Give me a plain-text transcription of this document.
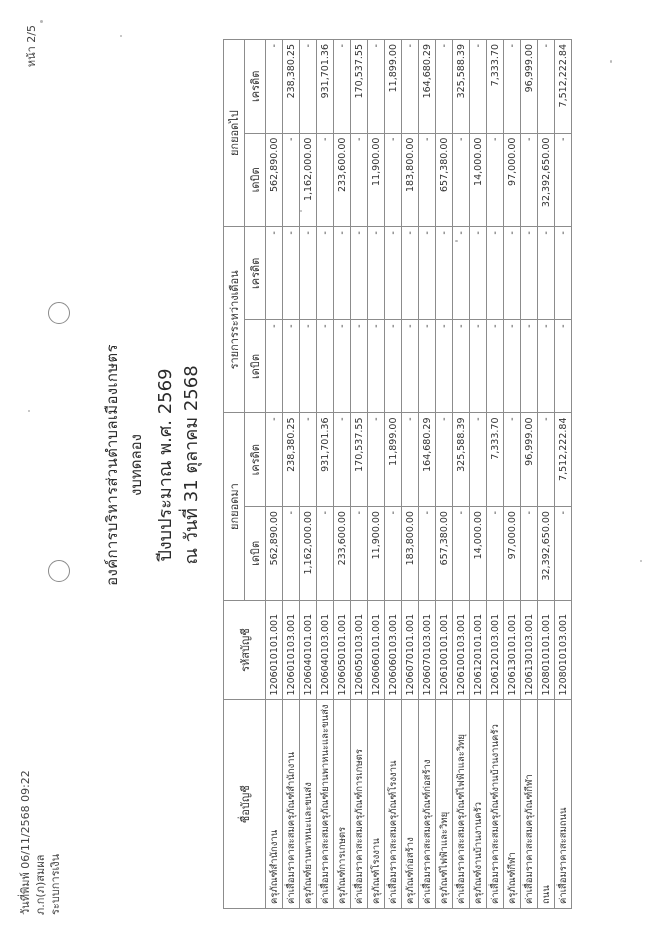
วันที่พิมพ์ 06/11/2568 09:22 ภ.ก(ภ)สมผล ระบบการเงิน
หน้า 2/5
องค์การบริหารส่วนตำบลเมืองเกษตร งบทดลอง ปีงบประมาณ พ.ศ. 2569 ณ วันที่ 31 ตุลาคม 2568
ชื่อบัญชี	รหัสบัญชี	ยกยอดมา		รายการระหว่างเดือน		ยกยอดไป	
		เดบิต	เครดิต	เดบิต	เครดิต	เดบิต	เครดิต
ครุภัณฑ์สำนักงาน	1206010101.001	562,890.00	-	-	-	562,890.00	-
ค่าเสื่อมราคาสะสมครุภัณฑ์สำนักงาน	1206010103.001	-	238,380.25	-	-	-	238,380.25
ครุภัณฑ์ยานพาหนะและขนส่ง	1206040101.001	1,162,000.00	-	-	-	1,162,000.00	-
ค่าเสื่อมราคาสะสมครุภัณฑ์ยานพาหนะและขนส่ง	1206040103.001	-	931,701.36	-	-	-	931,701.36
ครุภัณฑ์การเกษตร	1206050101.001	233,600.00	-	-	-	233,600.00	-
ค่าเสื่อมราคาสะสมครุภัณฑ์การเกษตร	1206050103.001	-	170,537.55	-	-	-	170,537.55
ครุภัณฑ์โรงงาน	1206060101.001	11,900.00	-	-	-	11,900.00	-
ค่าเสื่อมราคาสะสมครุภัณฑ์โรงงาน	1206060103.001	-	11,899.00	-	-	-	11,899.00
ครุภัณฑ์ก่อสร้าง	1206070101.001	183,800.00	-	-	-	183,800.00	-
ค่าเสื่อมราคาสะสมครุภัณฑ์ก่อสร้าง	1206070103.001	-	164,680.29	-	-	-	164,680.29
ครุภัณฑ์ไฟฟ้าและวิทยุ	1206100101.001	657,380.00	-	-	-	657,380.00	-
ค่าเสื่อมราคาสะสมครุภัณฑ์ไฟฟ้าและวิทยุ	1206100103.001	-	325,588.39	-	-	-	325,588.39
ครุภัณฑ์งานบ้านงานครัว	1206120101.001	14,000.00	-	-	-	14,000.00	-
ค่าเสื่อมราคาสะสมครุภัณฑ์งานบ้านงานครัว	1206120103.001	-	7,333.70	-	-	-	7,333.70
ครุภัณฑ์กีฬา	1206130101.001	97,000.00	-	-	-	97,000.00	-
ค่าเสื่อมราคาสะสมครุภัณฑ์กีฬา	1206130103.001	-	96,999.00	-	-	-	96,999.00
ถนน	1208010101.001	32,392,650.00	-	-	-	32,392,650.00	-
ค่าเสื่อมราคาสะสมถนน	1208010103.001	-	7,512,222.84	-	-	-	7,512,222.84
